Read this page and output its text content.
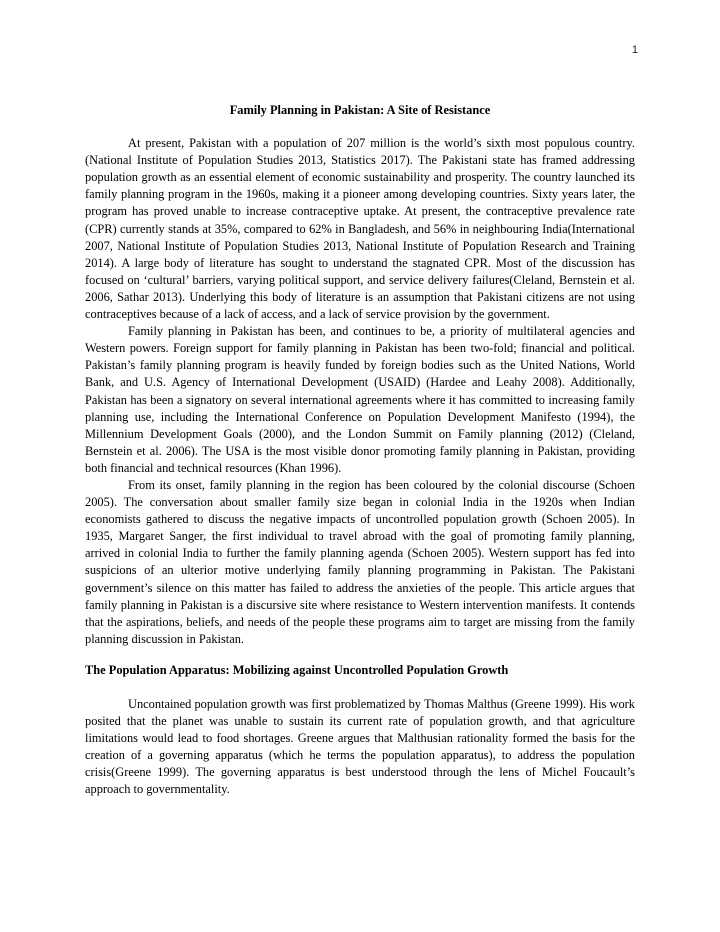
1

Family Planning in Pakistan: A Site of Resistance

At present, Pakistan with a population of 207 million is the world’s sixth most populous country. (National Institute of Population Studies 2013, Statistics 2017). The Pakistani state has framed addressing population growth as an essential element of economic sustainability and prosperity. The country launched its family planning program in the 1960s, making it a pioneer among developing countries. Sixty years later, the program has proved unable to increase contraceptive uptake. At present, the contraceptive prevalence rate (CPR) currently stands at 35%, compared to 62% in Bangladesh, and 56% in neighbouring India(International 2007, National Institute of Population Studies 2013, National Institute of Population Research and Training 2014). A large body of literature has sought to understand the stagnated CPR. Most of the discussion has focused on ‘cultural’ barriers, varying political support, and service delivery failures(Cleland, Bernstein et al. 2006, Sathar 2013). Underlying this body of literature is an assumption that Pakistani citizens are not using contraceptives because of a lack of access, and a lack of service provision by the government.

Family planning in Pakistan has been, and continues to be, a priority of multilateral agencies and Western powers. Foreign support for family planning in Pakistan has been two-fold; financial and political. Pakistan’s family planning program is heavily funded by foreign bodies such as the United Nations, World Bank, and U.S. Agency of International Development (USAID) (Hardee and Leahy 2008). Additionally, Pakistan has been a signatory on several international agreements where it has committed to increasing family planning use, including the International Conference on Population Development Manifesto (1994), the Millennium Development Goals (2000), and the London Summit on Family planning (2012) (Cleland, Bernstein et al. 2006). The USA is the most visible donor promoting family planning in Pakistan, providing both financial and technical resources (Khan 1996).

From its onset, family planning in the region has been coloured by the colonial discourse (Schoen 2005). The conversation about smaller family size began in colonial India in the 1920s when Indian economists gathered to discuss the negative impacts of uncontrolled population growth (Schoen 2005). In 1935, Margaret Sanger, the first individual to travel abroad with the goal of promoting family planning, arrived in colonial India to further the family planning agenda (Schoen 2005). Western support has fed into suspicions of an ulterior motive underlying family planning programming in Pakistan. The Pakistani government’s silence on this matter has failed to address the anxieties of the people. This article argues that family planning in Pakistan is a discursive site where resistance to Western intervention manifests. It contends that the aspirations, beliefs, and needs of the people these programs aim to target are missing from the family planning discussion in Pakistan.

The Population Apparatus: Mobilizing against Uncontrolled Population Growth

Uncontained population growth was first problematized by Thomas Malthus (Greene 1999). His work posited that the planet was unable to sustain its current rate of population growth, and that agriculture limitations would lead to food shortages. Greene argues that Malthusian rationality formed the basis for the creation of a governing apparatus (which he terms the population apparatus), to address the population crisis(Greene 1999). The governing apparatus is best understood through the lens of Michel Foucault’s approach to governmentality.
